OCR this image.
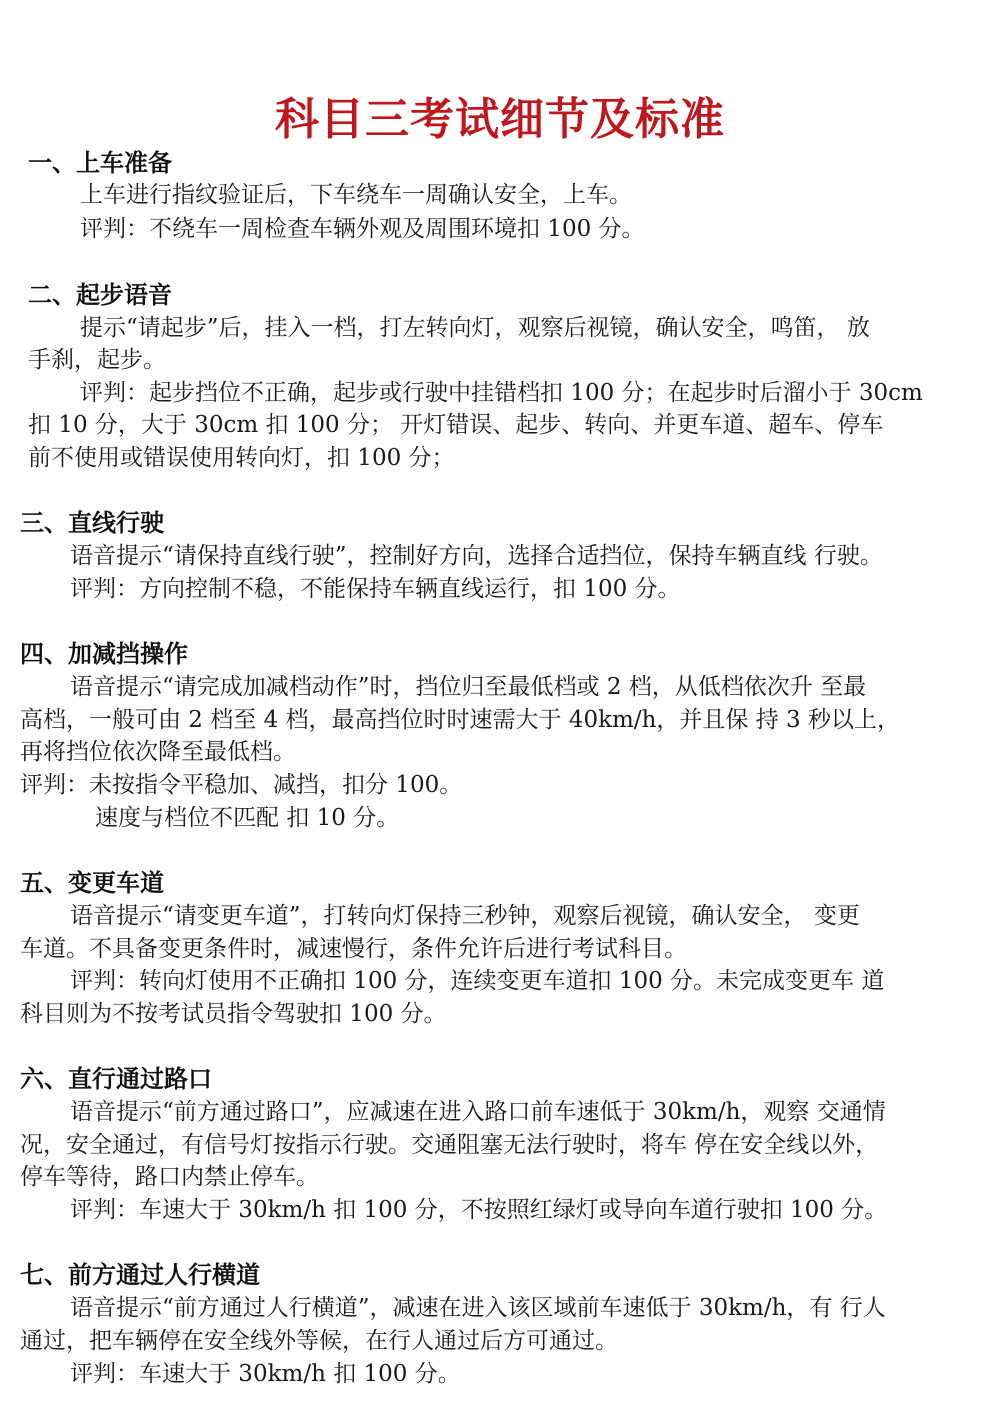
科目三考试细节及标准
一、上车准备
上车进行指纹验证后，下车绕车一周确认安全，上车。
评判：不绕车一周检查车辆外观及周围环境扣 100 分。
二、起步语音
提示“请起步”后，挂入一档，打左转向灯，观察后视镜，确认安全，鸣笛， 放
手刹，起步。
评判：起步挡位不正确，起步或行驶中挂错档扣 100 分；在起步时后溜小于 30cm
扣 10 分，大于 30cm 扣 100 分； 开灯错误、起步、转向、并更车道、超车、停车
前不使用或错误使用转向灯，扣 100 分；
三、直线行驶
语音提示“请保持直线行驶”，控制好方向，选择合适挡位，保持车辆直线 行驶。
评判：方向控制不稳，不能保持车辆直线运行，扣 100 分。
四、加减挡操作
语音提示“请完成加减档动作”时，挡位归至最低档或 2 档，从低档依次升 至最
高档，一般可由 2 档至 4 档，最高挡位时时速需大于 40km/h，并且保 持 3 秒以上，
再将挡位依次降至最低档。
评判：未按指令平稳加、减挡，扣分 100。
速度与档位不匹配 扣 10 分。
五、变更车道
语音提示“请变更车道”，打转向灯保持三秒钟，观察后视镜，确认安全， 变更
车道。不具备变更条件时，减速慢行，条件允许后进行考试科目。
评判：转向灯使用不正确扣 100 分，连续变更车道扣 100 分。未完成变更车 道
科目则为不按考试员指令驾驶扣 100 分。
六、直行通过路口
语音提示“前方通过路口”，应减速在进入路口前车速低于 30km/h，观察 交通情
况，安全通过，有信号灯按指示行驶。交通阻塞无法行驶时，将车 停在安全线以外，
停车等待，路口内禁止停车。
评判：车速大于 30km/h 扣 100 分，不按照红绿灯或导向车道行驶扣 100 分。
七、前方通过人行横道
语音提示“前方通过人行横道”，减速在进入该区域前车速低于 30km/h，有 行人
通过，把车辆停在安全线外等候，在行人通过后方可通过。
评判：车速大于 30km/h 扣 100 分。
